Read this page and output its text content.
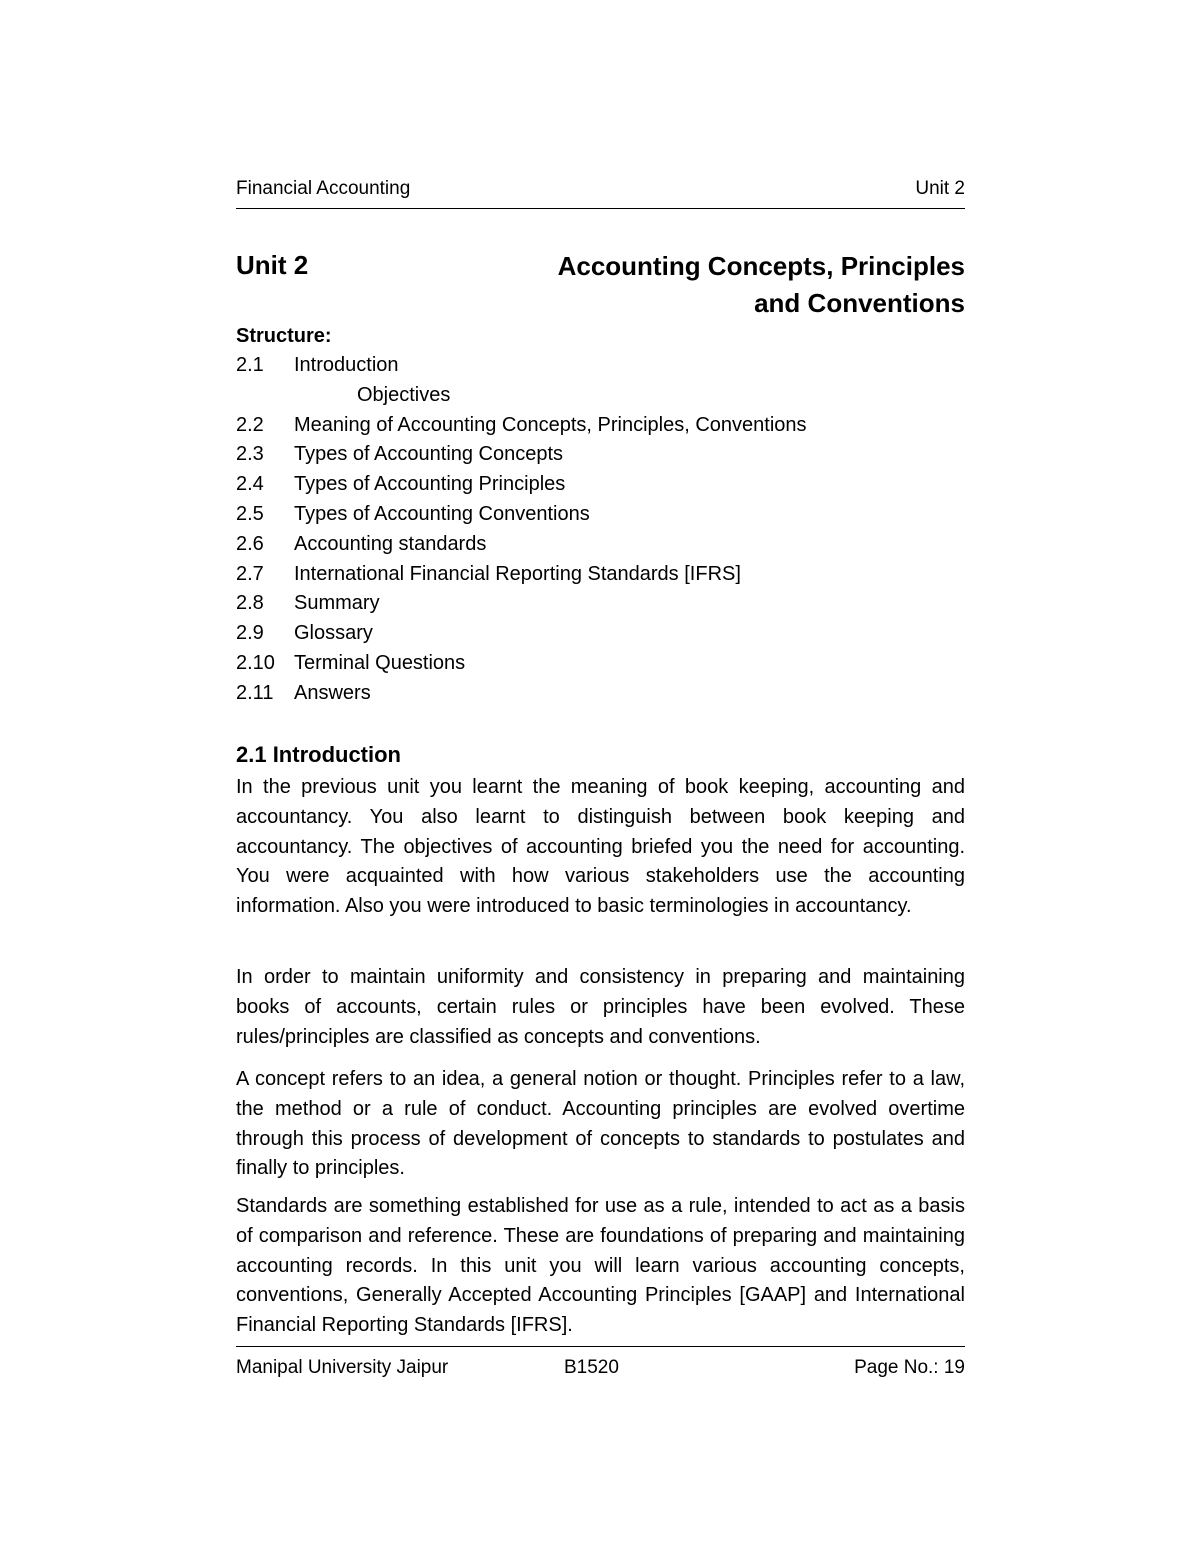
Financial Accounting	Unit 2
Unit 2	Accounting Concepts, Principles
and Conventions
Structure:
2.1 Introduction
Objectives
2.2 Meaning of Accounting Concepts, Principles, Conventions
2.3 Types of Accounting Concepts
2.4 Types of Accounting Principles
2.5 Types of Accounting Conventions
2.6 Accounting standards
2.7 International Financial Reporting Standards [IFRS]
2.8 Summary
2.9 Glossary
2.10 Terminal Questions
2.11 Answers
2.1 Introduction

In the previous unit you learnt the meaning of book keeping, accounting and accountancy. You also learnt to distinguish between book keeping and accountancy. The objectives of accounting briefed you the need for accounting. You were acquainted with how various stakeholders use the accounting information. Also you were introduced to basic terminologies in accountancy.

In order to maintain uniformity and consistency in preparing and maintaining books of accounts, certain rules or principles have been evolved. These rules/principles are classified as concepts and conventions.

A concept refers to an idea, a general notion or thought. Principles refer to a law, the method or a rule of conduct. Accounting principles are evolved overtime through this process of development of concepts to standards to postulates and finally to principles.

Standards are something established for use as a rule, intended to act as a basis of comparison and reference. These are foundations of preparing and maintaining accounting records. In this unit you will learn various accounting concepts, conventions, Generally Accepted Accounting Principles [GAAP] and International Financial Reporting Standards [IFRS].

Manipal University Jaipur	B1520	Page No.: 19
